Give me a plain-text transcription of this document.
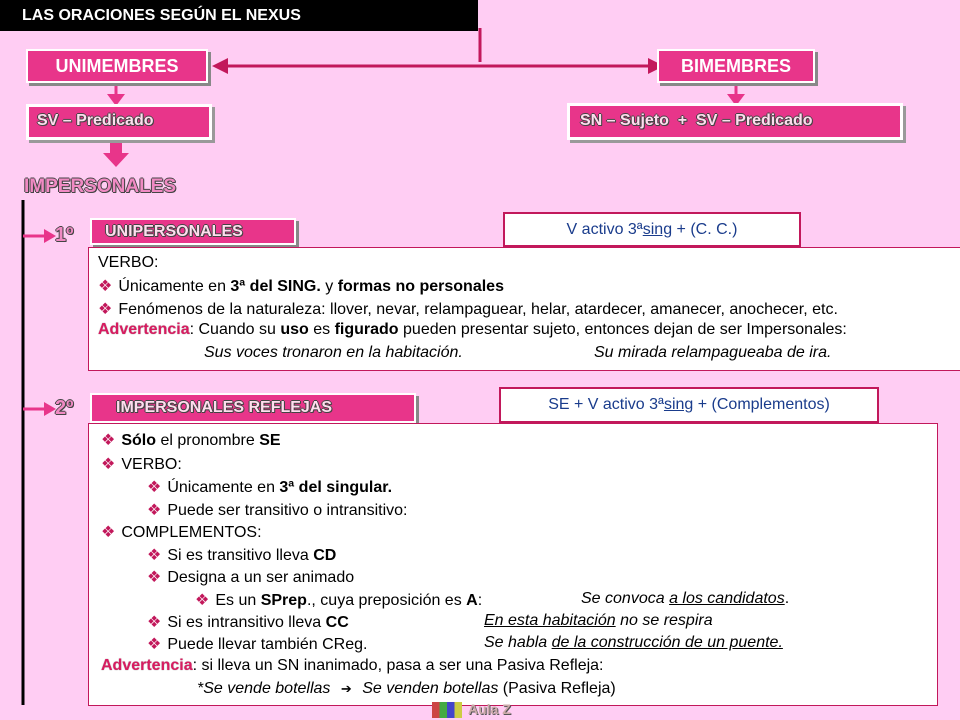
LAS ORACIONES SEGÚN EL NEXUS
UNIMEMBRES	BIMEMBRES
SV – Predicado	SN – Sujeto  +  SV – Predicado
IMPERSONALES
1º UNIPERSONALES	V activo 3ªsing + (C. C.)
VERBO:
❖ Únicamente en 3ª del SING. y formas no personales
❖ Fenómenos de la naturaleza: llover, nevar, relampaguear, helar, atardecer, amanecer, anochecer, etc.
Advertencia: Cuando su uso es figurado pueden presentar sujeto, entonces dejan de ser Impersonales:
Sus voces tronaron en la habitación.	Su mirada relampagueaba de ira.
2º	IMPERSONALES REFLEJAS	SE + V activo 3ªsing + (Complementos)
❖ Sólo el pronombre SE
❖ VERBO:
❖ Únicamente en 3ª del singular.
❖ Puede ser transitivo o intransitivo:
❖ COMPLEMENTOS:
❖ Si es transitivo lleva CD
❖ Designa a un ser animado
❖ Es un SPrep., cuya preposición es A:	Se convoca a los candidatos.
❖ Si es intransitivo lleva CC	En esta habitación no se respira
❖ Puede llevar también CReg.	Se habla de la construcción de un puente.
Advertencia: si lleva un SN inanimado, pasa a ser una Pasiva Refleja:
*Se vende botellas ➔ Se venden botellas (Pasiva Refleja)
Aula Z
